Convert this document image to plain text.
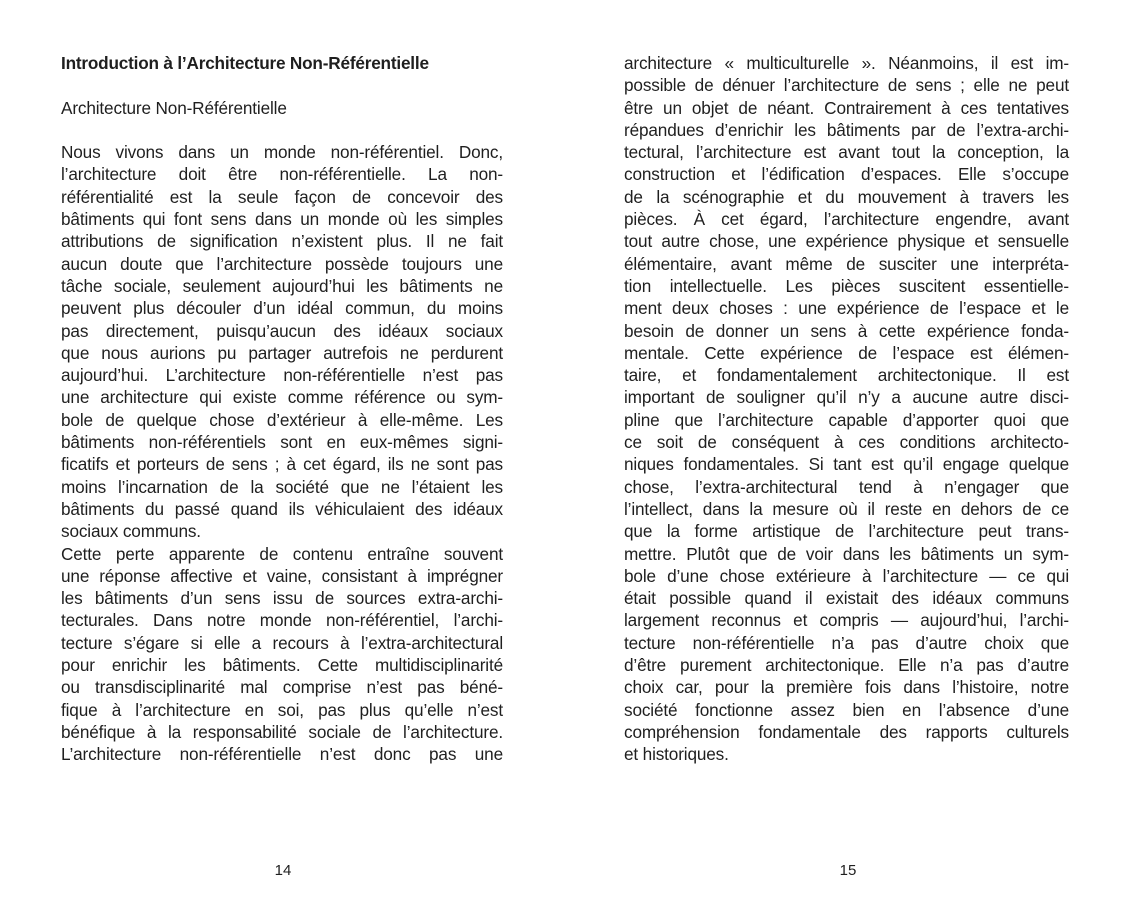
Introduction à l’Architecture Non-Référentielle
Architecture Non-Référentielle
Nous vivons dans un monde non-référentiel. Donc,
l’architecture doit être non-référentielle. La non-
référentialité est la seule façon de concevoir des
bâtiments qui font sens dans un monde où les simples
attributions de signification n’existent plus. Il ne fait
aucun doute que l’architecture possède toujours une
tâche sociale, seulement aujourd’hui les bâtiments ne
peuvent plus découler d’un idéal commun, du moins
pas directement, puisqu’aucun des idéaux sociaux
que nous aurions pu partager autrefois ne perdurent
aujourd’hui. L’architecture non-référentielle n’est pas
une architecture qui existe comme référence ou sym-
bole de quelque chose d’extérieur à elle-même. Les
bâtiments non-référentiels sont en eux-mêmes signi-
ficatifs et porteurs de sens ; à cet égard, ils ne sont pas
moins l’incarnation de la société que ne l’étaient les
bâtiments du passé quand ils véhiculaient des idéaux
sociaux communs.
Cette perte apparente de contenu entraîne souvent
une réponse affective et vaine, consistant à imprégner
les bâtiments d’un sens issu de sources extra-archi-
tecturales. Dans notre monde non-référentiel, l’archi-
tecture s’égare si elle a recours à l’extra-architectural
pour enrichir les bâtiments. Cette multidisciplinarité
ou transdisciplinarité mal comprise n’est pas béné-
fique à l’architecture en soi, pas plus qu’elle n’est
bénéfique à la responsabilité sociale de l’architecture.
L’architecture non-référentielle n’est donc pas une
14
architecture « multiculturelle ». Néanmoins, il est im-
possible de dénuer l’architecture de sens ; elle ne peut
être un objet de néant. Contrairement à ces tentatives
répandues d’enrichir les bâtiments par de l’extra-archi-
tectural, l’architecture est avant tout la conception, la
construction et l’édification d’espaces. Elle s’occupe
de la scénographie et du mouvement à travers les
pièces. À cet égard, l’architecture engendre, avant
tout autre chose, une expérience physique et sensuelle
élémentaire, avant même de susciter une interpréta-
tion intellectuelle. Les pièces suscitent essentielle-
ment deux choses : une expérience de l’espace et le
besoin de donner un sens à cette expérience fonda-
mentale. Cette expérience de l’espace est élémen-
taire, et fondamentalement architectonique. Il est
important de souligner qu’il n’y a aucune autre disci-
pline que l’architecture capable d’apporter quoi que
ce soit de conséquent à ces conditions architecto-
niques fondamentales. Si tant est qu’il engage quelque
chose, l’extra-architectural tend à n’engager que
l’intellect, dans la mesure où il reste en dehors de ce
que la forme artistique de l’architecture peut trans-
mettre. Plutôt que de voir dans les bâtiments un sym-
bole d’une chose extérieure à l’architecture — ce qui
était possible quand il existait des idéaux communs
largement reconnus et compris — aujourd’hui, l’archi-
tecture non-référentielle n’a pas d’autre choix que
d’être purement architectonique. Elle n’a pas d’autre
choix car, pour la première fois dans l’histoire, notre
société fonctionne assez bien en l’absence d’une
compréhension fondamentale des rapports culturels
et historiques.
15
